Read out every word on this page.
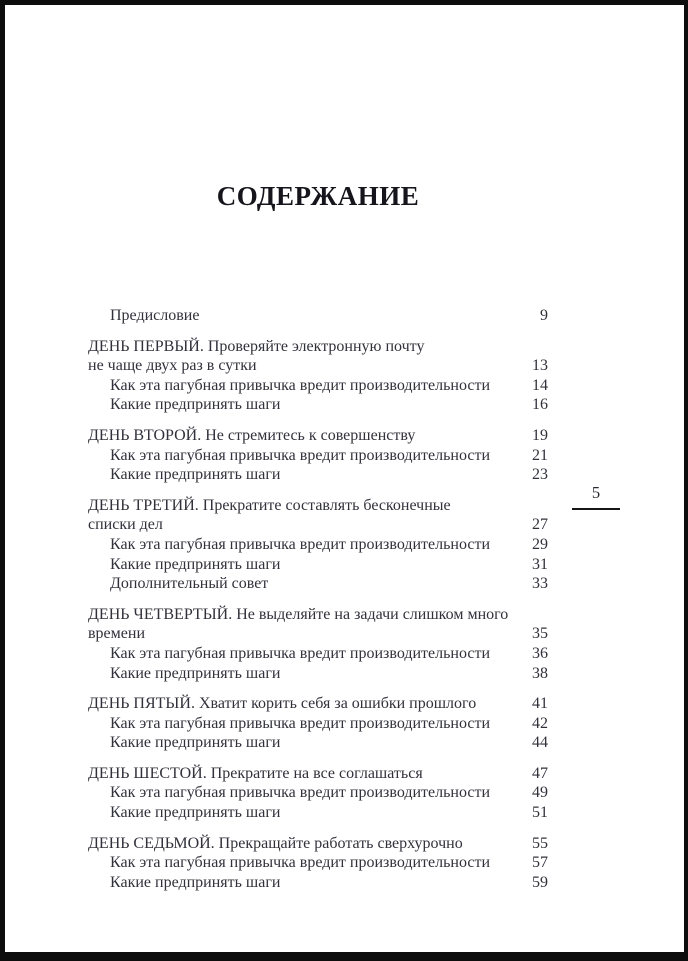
СОДЕРЖАНИЕ
Предисловие	9
ДЕНЬ ПЕРВЫЙ. Проверяйте электронную почту
не чаще двух раз в сутки	13
Как эта пагубная привычка вредит производительности	14
Какие предпринять шаги	16
ДЕНЬ ВТОРОЙ. Не стремитесь к совершенству	19
Как эта пагубная привычка вредит производительности	21
Какие предпринять шаги	23
ДЕНЬ ТРЕТИЙ. Прекратите составлять бесконечные
списки дел	27
Как эта пагубная привычка вредит производительности	29
Какие предпринять шаги	31
Дополнительный совет	33
ДЕНЬ ЧЕТВЕРТЫЙ. Не выделяйте на задачи слишком много
времени	35
Как эта пагубная привычка вредит производительности	36
Какие предпринять шаги	38
ДЕНЬ ПЯТЫЙ. Хватит корить себя за ошибки прошлого	41
Как эта пагубная привычка вредит производительности	42
Какие предпринять шаги	44
ДЕНЬ ШЕСТОЙ. Прекратите на все соглашаться	47
Как эта пагубная привычка вредит производительности	49
Какие предпринять шаги	51
ДЕНЬ СЕДЬМОЙ. Прекращайте работать сверхурочно	55
Как эта пагубная привычка вредит производительности	57
Какие предпринять шаги	59
5
